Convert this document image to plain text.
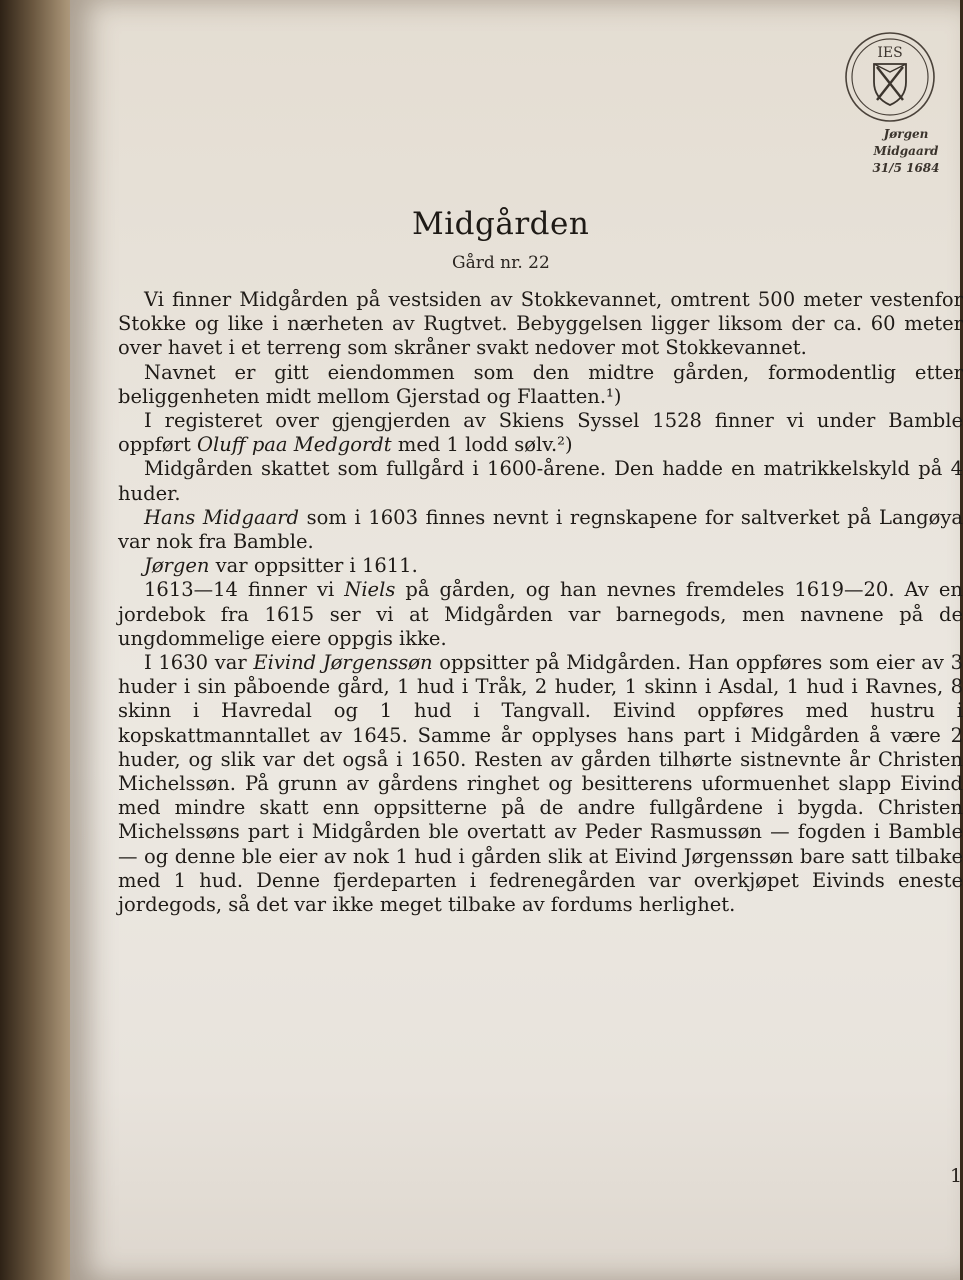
IES
Jørgen
Midgaard
31/5 1684
Midgården
Gård nr. 22

Vi finner Midgården på vestsiden av Stokkevannet, omtrent 500 meter vestenfor Stokke og like i nærheten av Rugtvet. Bebyggelsen ligger liksom der ca. 60 meter over havet i et terreng som skråner svakt nedover mot Stokkevannet.

Navnet er gitt eiendommen som den midtre gården, formodentlig etter beliggenheten midt mellom Gjerstad og Flaatten.¹)

I registeret over gjengjerden av Skiens Syssel 1528 finner vi under Bamble oppført Oluff paa Medgordt med 1 lodd sølv.²)

Midgården skattet som fullgård i 1600-årene. Den hadde en matrikkelskyld på 4 huder.

Hans Midgaard som i 1603 finnes nevnt i regnskapene for saltverket på Langøya var nok fra Bamble.

Jørgen var oppsitter i 1611.

1613—14 finner vi Niels på gården, og han nevnes fremdeles 1619—20. Av en jordebok fra 1615 ser vi at Midgården var barnegods, men navnene på de ungdommelige eiere oppgis ikke.

I 1630 var Eivind Jørgenssøn oppsitter på Midgården. Han oppføres som eier av 3 huder i sin påboende gård, 1 hud i Tråk, 2 huder, 1 skinn i Asdal, 1 hud i Ravnes, 8 skinn i Havredal og 1 hud i Tangvall. Eivind oppføres med hustru i kopskattmanntallet av 1645. Samme år opplyses hans part i Midgården å være 2 huder, og slik var det også i 1650. Resten av gården tilhørte sistnevnte år Christen Michelssøn. På grunn av gårdens ringhet og besitterens uformuenhet slapp Eivind med mindre skatt enn oppsitterne på de andre fullgårdene i bygda. Christen Michelssøns part i Midgården ble overtatt av Peder Rasmussøn — fogden i Bamble — og denne ble eier av nok 1 hud i gården slik at Eivind Jørgenssøn bare satt tilbake med 1 hud. Denne fjerdeparten i fedrenegården var overkjøpet Eivinds eneste jordegods, så det var ikke meget tilbake av fordums herlighet.

1
